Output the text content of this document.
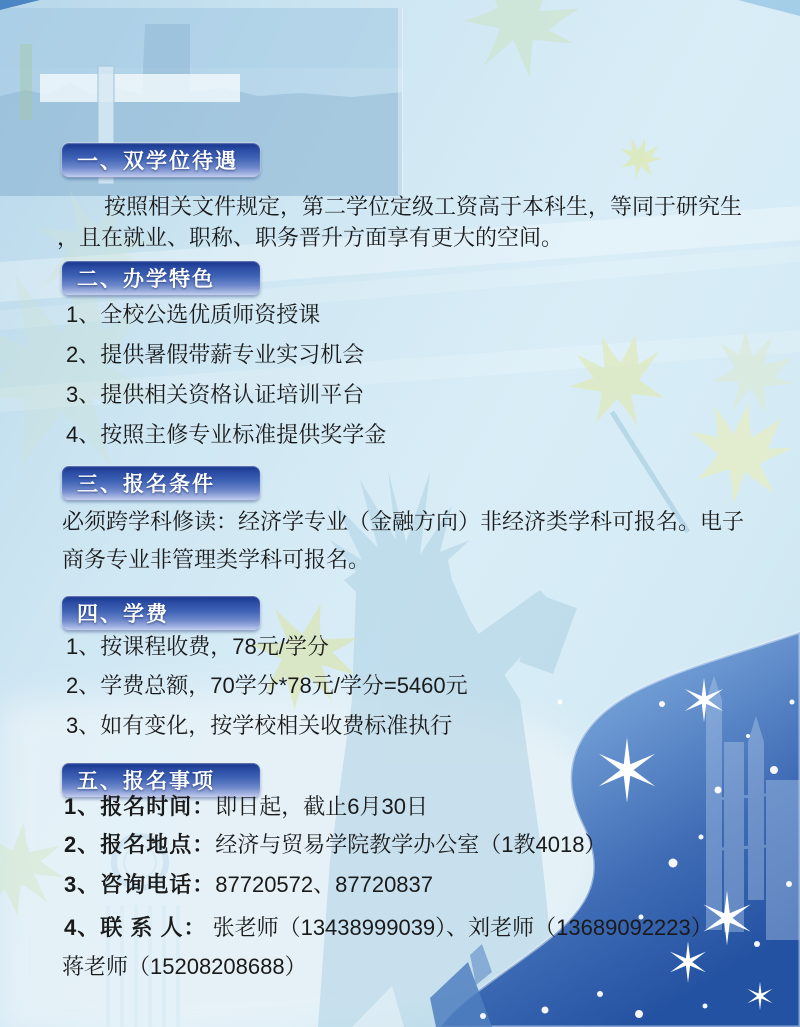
一、双学位待遇
按照相关文件规定，第二学位定级工资高于本科生，等同于研究生
，且在就业、职称、职务晋升方面享有更大的空间。
二、办学特色
1、全校公选优质师资授课
2、提供暑假带薪专业实习机会
3、提供相关资格认证培训平台
4、按照主修专业标准提供奖学金
三、报名条件
必须跨学科修读：经济学专业（金融方向）非经济类学科可报名。电子
商务专业非管理类学科可报名。
四、学费
1、按课程收费，78元/学分
2、学费总额，70学分*78元/学分=5460元
3、如有变化，按学校相关收费标准执行
五、报名事项
1、报名时间：即日起，截止6月30日
2、报名地点：经济与贸易学院教学办公室（1教4018）
3、咨询电话：87720572、87720837
4、联 系 人： 张老师（13438999039）、刘老师（13689092223）
蒋老师（15208208688）
